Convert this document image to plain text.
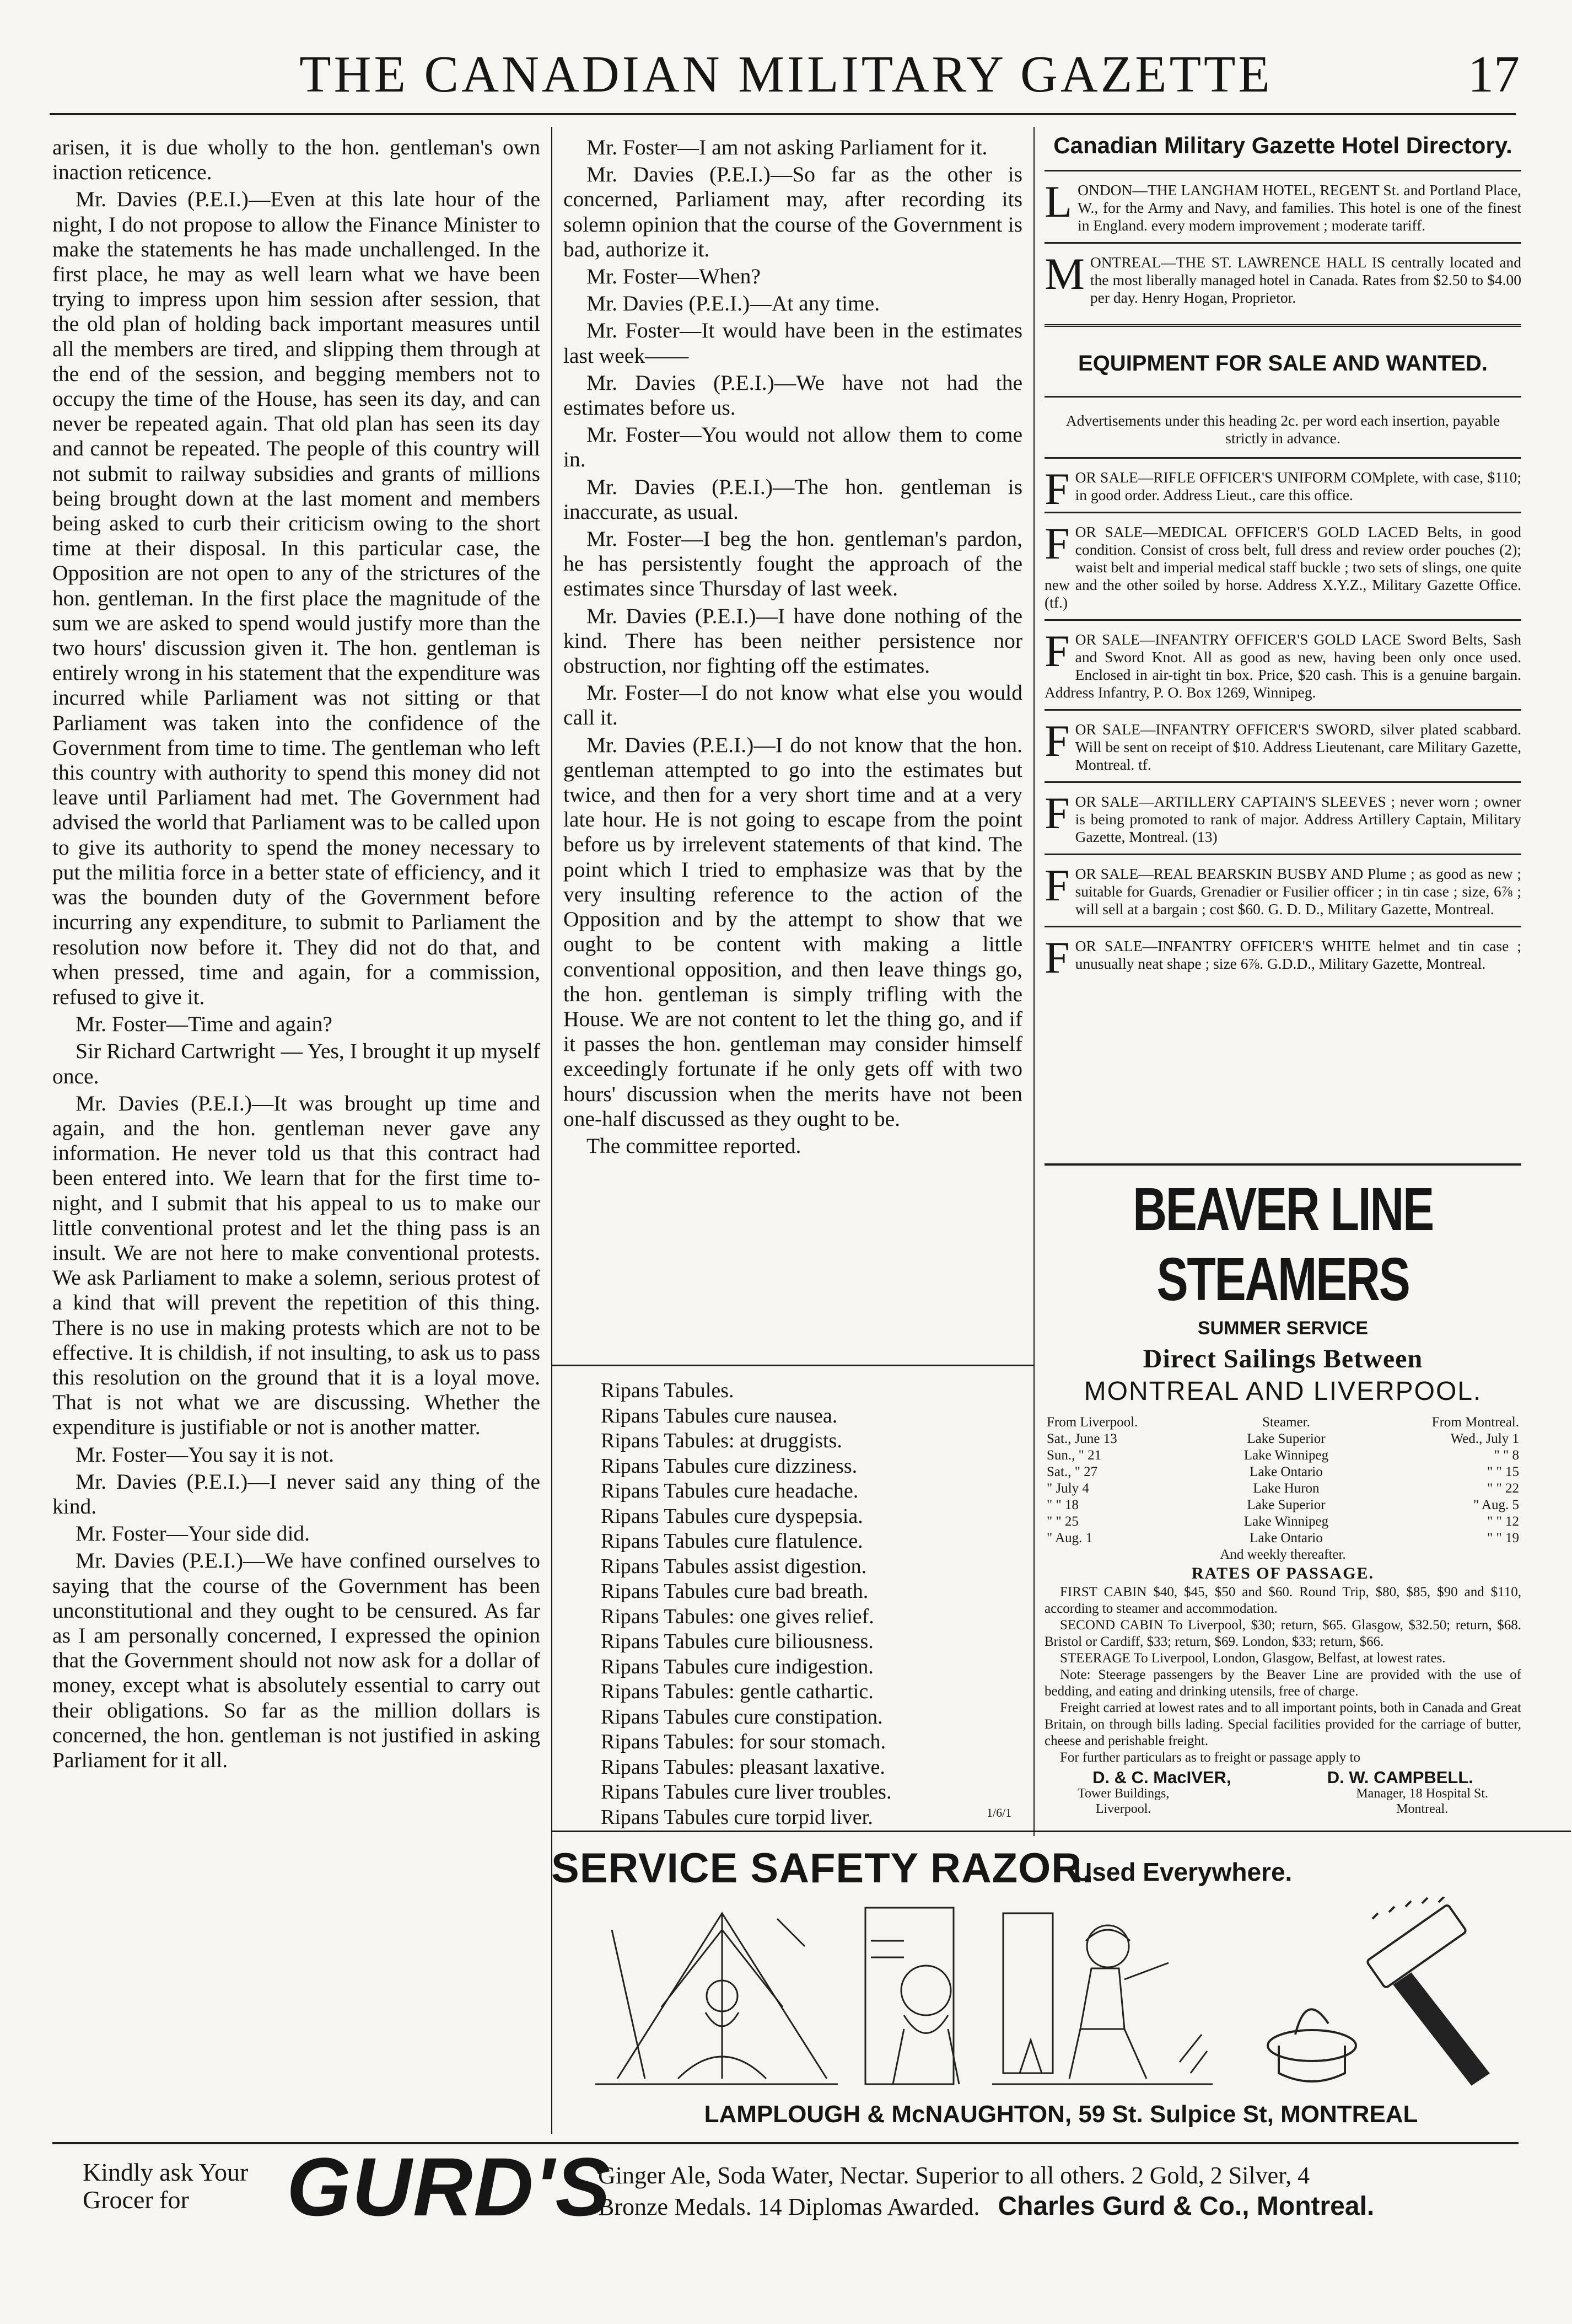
THE CANADIAN MILITARY GAZETTE	17

arisen, it is due wholly to the hon. gentleman's own inaction reticence.

Mr. Davies (P.E.I.)—Even at this late hour of the night, I do not propose to allow the Finance Minister to make the statements he has made unchallenged. In the first place, he may as well learn what we have been trying to impress upon him session after session, that the old plan of holding back important measures until all the members are tired, and slipping them through at the end of the session, and begging members not to occupy the time of the House, has seen its day, and can never be repeated again. That old plan has seen its day and cannot be repeated. The people of this country will not submit to railway subsidies and grants of millions being brought down at the last moment and members being asked to curb their criticism owing to the short time at their disposal. In this particular case, the Opposition are not open to any of the strictures of the hon. gentleman. In the first place the magnitude of the sum we are asked to spend would justify more than the two hours' discussion given it. The hon. gentleman is entirely wrong in his statement that the expenditure was incurred while Parliament was not sitting or that Parliament was taken into the confidence of the Government from time to time. The gentleman who left this country with authority to spend this money did not leave until Parliament had met. The Government had advised the world that Parliament was to be called upon to give its authority to spend the money necessary to put the militia force in a better state of efficiency, and it was the bounden duty of the Government before incurring any expenditure, to submit to Parliament the resolution now before it. They did not do that, and when pressed, time and again, for a commission, refused to give it.

Mr. Foster—Time and again?

Sir Richard Cartwright — Yes, I brought it up myself once.

Mr. Davies (P.E.I.)—It was brought up time and again, and the hon. gentleman never gave any information. He never told us that this contract had been entered into. We learn that for the first time to-night, and I submit that his appeal to us to make our little conventional protest and let the thing pass is an insult. We are not here to make conventional protests. We ask Parliament to make a solemn, serious protest of a kind that will prevent the repetition of this thing. There is no use in making protests which are not to be effective. It is childish, if not insulting, to ask us to pass this resolution on the ground that it is a loyal move. That is not what we are discussing. Whether the expenditure is justifiable or not is another matter.

Mr. Foster—You say it is not.

Mr. Davies (P.E.I.)—I never said any thing of the kind.

Mr. Foster—Your side did.

Mr. Davies (P.E.I.)—We have confined ourselves to saying that the course of the Government has been unconstitutional and they ought to be censured. As far as I am personally concerned, I expressed the opinion that the Government should not now ask for a dollar of money, except what is absolutely essential to carry out their obligations. So far as the million dollars is concerned, the hon. gentleman is not justified in asking Parliament for it all.

Mr. Foster—I am not asking Parliament for it.

Mr. Davies (P.E.I.)—So far as the other is concerned, Parliament may, after recording its solemn opinion that the course of the Government is bad, authorize it.

Mr. Foster—When?

Mr. Davies (P.E.I.)—At any time.

Mr. Foster—It would have been in the estimates last week——

Mr. Davies (P.E.I.)—We have not had the estimates before us.

Mr. Foster—You would not allow them to come in.

Mr. Davies (P.E.I.)—The hon. gentleman is inaccurate, as usual.

Mr. Foster—I beg the hon. gentleman's pardon, he has persistently fought the approach of the estimates since Thursday of last week.

Mr. Davies (P.E.I.)—I have done nothing of the kind. There has been neither persistence nor obstruction, nor fighting off the estimates.

Mr. Foster—I do not know what else you would call it.

Mr. Davies (P.E.I.)—I do not know that the hon. gentleman attempted to go into the estimates but twice, and then for a very short time and at a very late hour. He is not going to escape from the point before us by irrelevent statements of that kind. The point which I tried to emphasize was that by the very insulting reference to the action of the Opposition and by the attempt to show that we ought to be content with making a little conventional opposition, and then leave things go, the hon. gentleman is simply trifling with the House. We are not content to let the thing go, and if it passes the hon. gentleman may consider himself exceedingly fortunate if he only gets off with two hours' discussion when the merits have not been one-half discussed as they ought to be.

The committee reported.

Ripans Tabules.
Ripans Tabules cure nausea.
Ripans Tabules: at druggists.
Ripans Tabules cure dizziness.
Ripans Tabules cure headache.
Ripans Tabules cure dyspepsia.
Ripans Tabules cure flatulence.
Ripans Tabules assist digestion.
Ripans Tabules cure bad breath.
Ripans Tabules: one gives relief.
Ripans Tabules cure biliousness.
Ripans Tabules cure indigestion.
Ripans Tabules: gentle cathartic.
Ripans Tabules cure constipation.
Ripans Tabules: for sour stomach.
Ripans Tabules: pleasant laxative.
Ripans Tabules cure liver troubles.
Ripans Tabules cure torpid liver.	1/6/1
Canadian Military Gazette Hotel Directory.

LONDON—THE LANGHAM HOTEL, REGENT St. and Portland Place, W., for the Army and Navy, and families. This hotel is one of the finest in England. every modern improvement ; moderate tariff.

MONTREAL—THE ST. LAWRENCE HALL IS centrally located and the most liberally managed hotel in Canada. Rates from $2.50 to $4.00 per day. Henry Hogan, Proprietor.

EQUIPMENT FOR SALE AND WANTED.
Advertisements under this heading 2c. per word each insertion, payable strictly in advance.

FOR SALE—RIFLE OFFICER'S UNIFORM COMplete, with case, $110; in good order. Address Lieut., care this office.

FOR SALE—MEDICAL OFFICER'S GOLD LACED Belts, in good condition. Consist of cross belt, full dress and review order pouches (2); waist belt and imperial medical staff buckle ; two sets of slings, one quite new and the other soiled by horse. Address X.Y.Z., Military Gazette Office. (tf.)

FOR SALE—INFANTRY OFFICER'S GOLD LACE Sword Belts, Sash and Sword Knot. All as good as new, having been only once used. Enclosed in air-tight tin box. Price, $20 cash. This is a genuine bargain. Address Infantry, P. O. Box 1269, Winnipeg.

FOR SALE—INFANTRY OFFICER'S SWORD, silver plated scabbard. Will be sent on receipt of $10. Address Lieutenant, care Military Gazette, Montreal. tf.

FOR SALE—ARTILLERY CAPTAIN'S SLEEVES ; never worn ; owner is being promoted to rank of major. Address Artillery Captain, Military Gazette, Montreal. (13)

FOR SALE—REAL BEARSKIN BUSBY AND Plume ; as good as new ; suitable for Guards, Grenadier or Fusilier officer ; in tin case ; size, 6⅞ ; will sell at a bargain ; cost $60. G. D. D., Military Gazette, Montreal.

FOR SALE—INFANTRY OFFICER'S WHITE helmet and tin case ; unusually neat shape ; size 6⅞. G.D.D., Military Gazette, Montreal.

BEAVER LINE STEAMERS
SUMMER SERVICE
Direct Sailings Between
MONTREAL AND LIVERPOOL.
From Liverpool.	Steamer.	From Montreal.
Sat., June 13	Lake Superior	Wed., July 1
Sun., " 21	Lake Winnipeg	" " 8
Sat., " 27	Lake Ontario	" " 15
" July 4	Lake Huron	" " 22
" " 18	Lake Superior	" Aug. 5
" " 25	Lake Winnipeg	" " 12
" Aug. 1	Lake Ontario	" " 19
And weekly thereafter.
RATES OF PASSAGE.
FIRST CABIN $40, $45, $50 and $60. Round Trip, $80, $85, $90 and $110, according to steamer and accommodation.
SECOND CABIN To Liverpool, $30; return, $65. Glasgow, $32.50; return, $68. Bristol or Cardiff, $33; return, $69. London, $33; return, $66.
STEERAGE To Liverpool, London, Glasgow, Belfast, at lowest rates.
Note: Steerage passengers by the Beaver Line are provided with the use of bedding, and eating and drinking utensils, free of charge.
Freight carried at lowest rates and to all important points, both in Canada and Great Britain, on through bills lading. Special facilities provided for the carriage of butter, cheese and perishable freight.
For further particulars as to freight or passage apply to
D. & C. MacIVER,	D. W. CAMPBELL.
Tower Buildings,
Liverpool.
Manager, 18 Hospital St.
Montreal.
SERVICE SAFETY RAZOR.
Used Everywhere.
LAMPLOUGH & McNAUGHTON, 59 St. Sulpice St, MONTREAL
Kindly ask Your
Grocer for	GURD'S
Ginger Ale, Soda Water, Nectar. Superior to all others. 2 Gold, 2 Silver, 4
Bronze Medals. 14 Diplomas Awarded. Charles Gurd & Co., Montreal.
